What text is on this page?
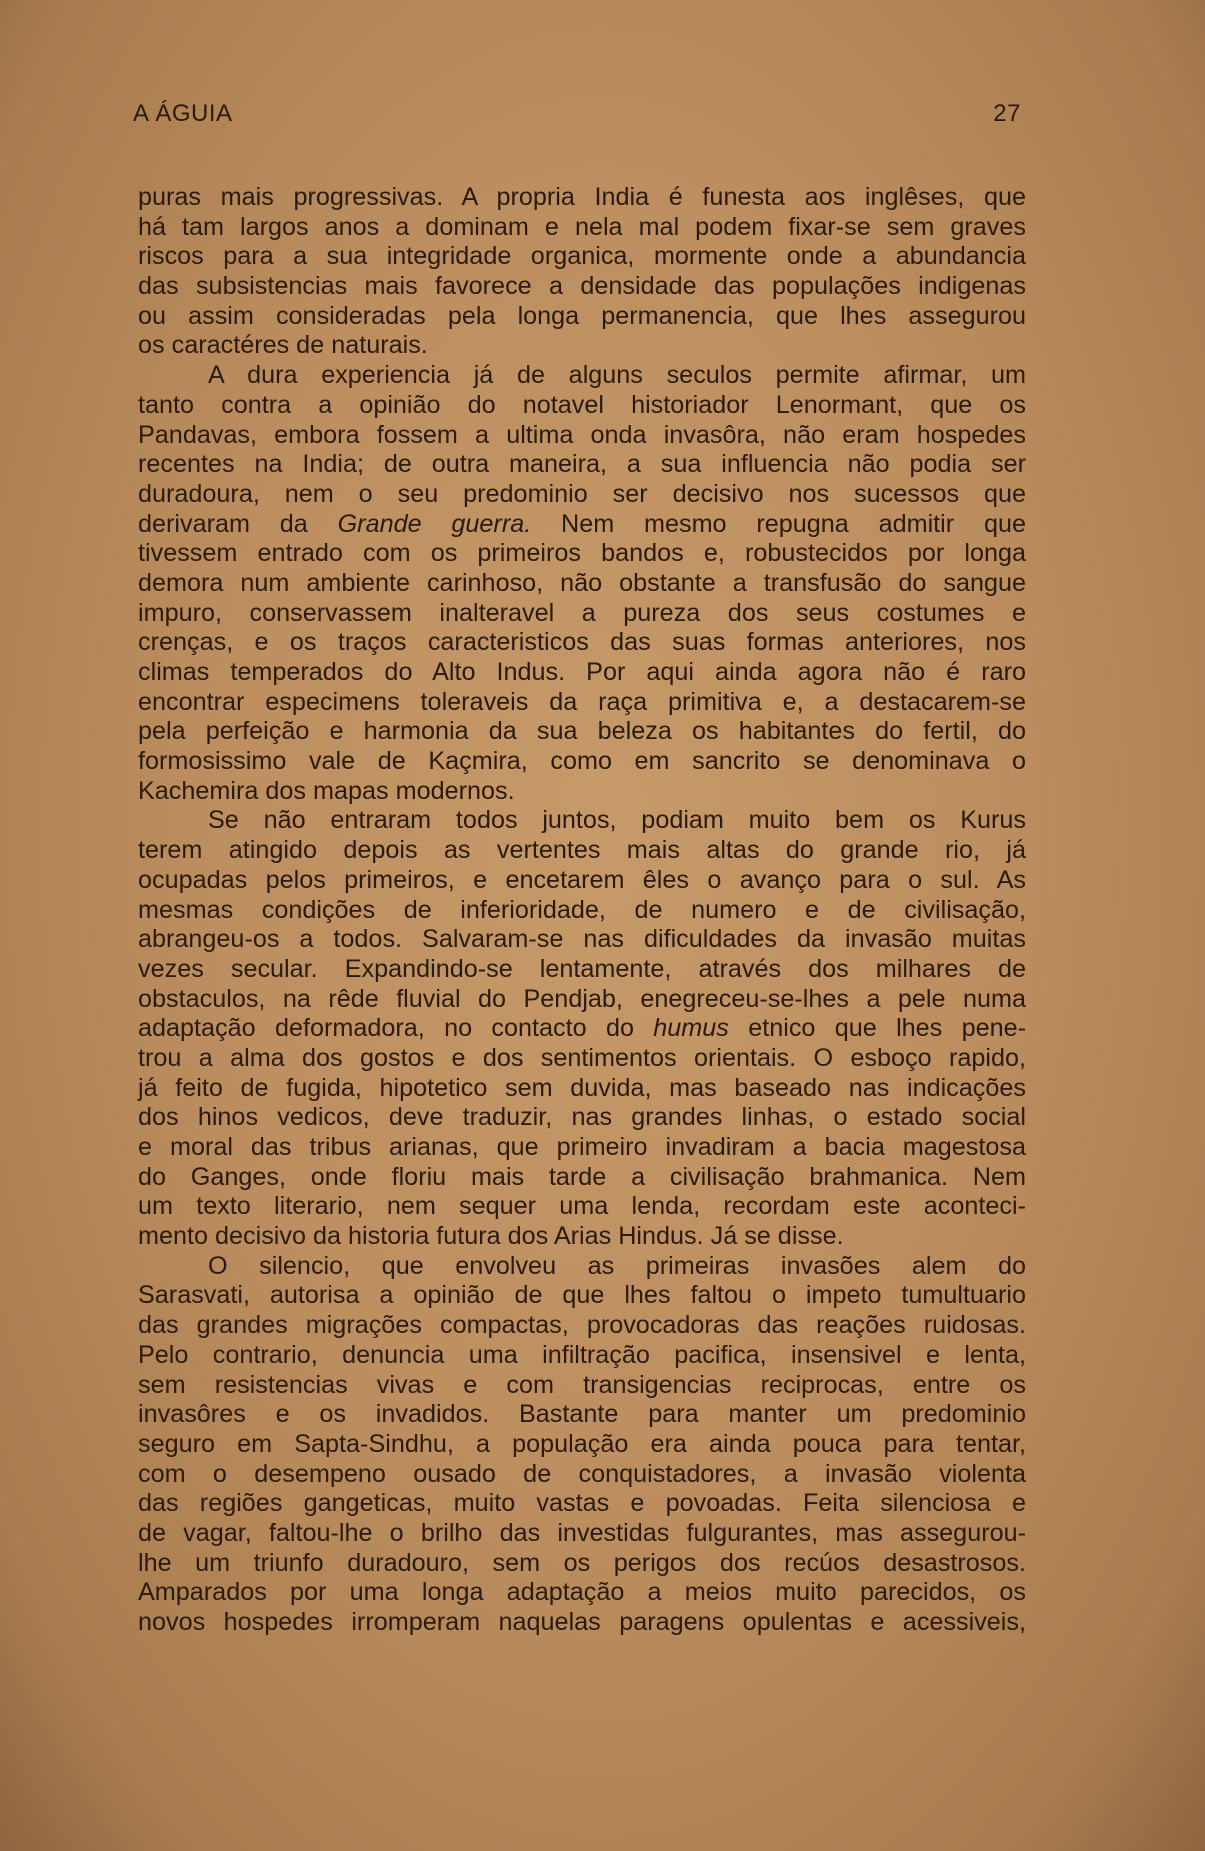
A ÁGUIA	27
puras mais progressivas. A propria India é funesta aos inglêses, que
há tam largos anos a dominam e nela mal podem fixar-se sem graves
riscos para a sua integridade organica, mormente onde a abundancia
das subsistencias mais favorece a densidade das populações indigenas
ou assim consideradas pela longa permanencia, que lhes assegurou
os caractéres de naturais.
A dura experiencia já de alguns seculos permite afirmar, um
tanto contra a opinião do notavel historiador Lenormant, que os
Pandavas, embora fossem a ultima onda invasôra, não eram hospedes
recentes na India; de outra maneira, a sua influencia não podia ser
duradoura, nem o seu predominio ser decisivo nos sucessos que
derivaram da Grande guerra. Nem mesmo repugna admitir que
tivessem entrado com os primeiros bandos e, robustecidos por longa
demora num ambiente carinhoso, não obstante a transfusão do sangue
impuro, conservassem inalteravel a pureza dos seus costumes e
crenças, e os traços caracteristicos das suas formas anteriores, nos
climas temperados do Alto Indus. Por aqui ainda agora não é raro
encontrar especimens toleraveis da raça primitiva e, a destacarem-se
pela perfeição e harmonia da sua beleza os habitantes do fertil, do
formosissimo vale de Kaçmira, como em sancrito se denominava o
Kachemira dos mapas modernos.
Se não entraram todos juntos, podiam muito bem os Kurus
terem atingido depois as vertentes mais altas do grande rio, já
ocupadas pelos primeiros, e encetarem êles o avanço para o sul. As
mesmas condições de inferioridade, de numero e de civilisação,
abrangeu-os a todos. Salvaram-se nas dificuldades da invasão muitas
vezes secular. Expandindo-se lentamente, através dos milhares de
obstaculos, na rêde fluvial do Pendjab, enegreceu-se-lhes a pele numa
adaptação deformadora, no contacto do humus etnico que lhes pene-
trou a alma dos gostos e dos sentimentos orientais. O esboço rapido,
já feito de fugida, hipotetico sem duvida, mas baseado nas indicações
dos hinos vedicos, deve traduzir, nas grandes linhas, o estado social
e moral das tribus arianas, que primeiro invadiram a bacia magestosa
do Ganges, onde floriu mais tarde a civilisação brahmanica. Nem
um texto literario, nem sequer uma lenda, recordam este aconteci-
mento decisivo da historia futura dos Arias Hindus. Já se disse.
O silencio, que envolveu as primeiras invasões alem do
Sarasvati, autorisa a opinião de que lhes faltou o impeto tumultuario
das grandes migrações compactas, provocadoras das reações ruidosas.
Pelo contrario, denuncia uma infiltração pacifica, insensivel e lenta,
sem resistencias vivas e com transigencias reciprocas, entre os
invasôres e os invadidos. Bastante para manter um predominio
seguro em Sapta-Sindhu, a população era ainda pouca para tentar,
com o desempeno ousado de conquistadores, a invasão violenta
das regiões gangeticas, muito vastas e povoadas. Feita silenciosa e
de vagar, faltou-lhe o brilho das investidas fulgurantes, mas assegurou-
lhe um triunfo duradouro, sem os perigos dos recúos desastrosos.
Amparados por uma longa adaptação a meios muito parecidos, os
novos hospedes irromperam naquelas paragens opulentas e acessiveis,
